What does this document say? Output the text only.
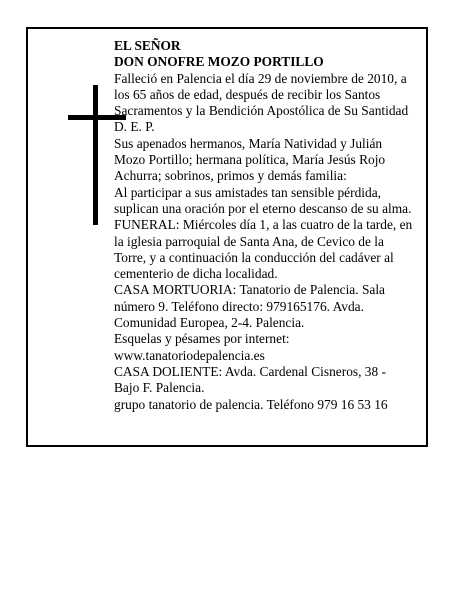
EL SEÑOR
DON ONOFRE MOZO PORTILLO
Falleció en Palencia el día 29 de noviembre de 2010, a
los 65 años de edad, después de recibir los Santos
Sacramentos y la Bendición Apostólica de Su Santidad
D. E. P.
Sus apenados hermanos, María Natividad y Julián
Mozo Portillo; hermana política, María Jesús Rojo
Achurra; sobrinos, primos y demás familia:
Al participar a sus amistades tan sensible pérdida,
suplican una oración por el eterno descanso de su alma.
FUNERAL: Miércoles día 1, a las cuatro de la tarde, en
la iglesia parroquial de Santa Ana, de Cevico de la
Torre, y a continuación la conducción del cadáver al
cementerio de dicha localidad.
CASA MORTUORIA: Tanatorio de Palencia. Sala
número 9. Teléfono directo: 979165176. Avda.
Comunidad Europea, 2-4. Palencia.
Esquelas y pésames por internet:
www.tanatoriodepalencia.es
CASA DOLIENTE: Avda. Cardenal Cisneros, 38 -
Bajo F. Palencia.
grupo tanatorio de palencia. Teléfono 979 16 53 16
